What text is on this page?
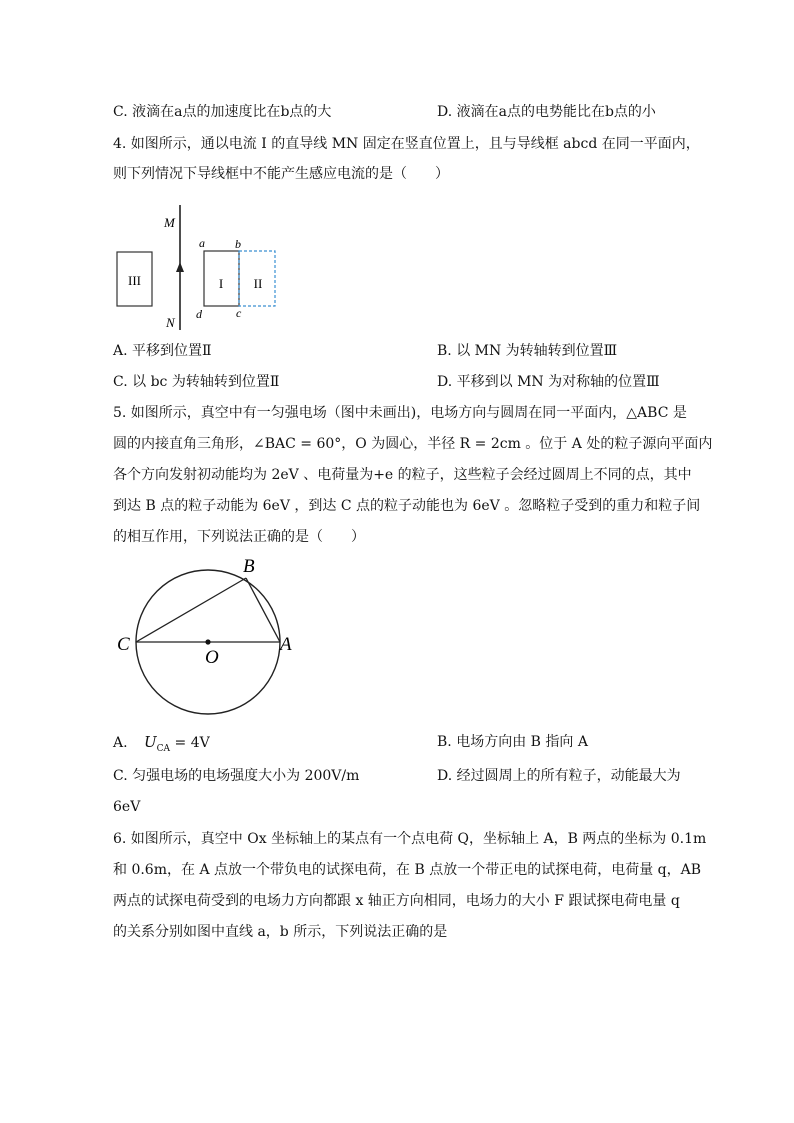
C. 液滴在a点的加速度比在b点的大	D. 液滴在a点的电势能比在b点的小
4. 如图所示，通以电流 I 的直导线 MN 固定在竖直位置上，且与导线框 abcd 在同一平面内，
则下列情况下导线框中不能产生感应电流的是（　　）
III
M
N
I
a	b
c
d
II
A. 平移到位置Ⅱ	B. 以 MN 为转轴转到位置Ⅲ
C. 以 bc 为转轴转到位置Ⅱ	D. 平移到以 MN 为对称轴的位置Ⅲ
5. 如图所示，真空中有一匀强电场（图中未画出)，电场方向与圆周在同一平面内，△ABC 是
圆的内接直角三角形，∠BAC = 60°，O 为圆心，半径 R = 2cm 。位于 A 处的粒子源向平面内
各个方向发射初动能均为 2eV 、电荷量为+e 的粒子，这些粒子会经过圆周上不同的点，其中
到达 B 点的粒子动能为 6eV ，到达 C 点的粒子动能也为 6eV 。忽略粒子受到的重力和粒子间
的相互作用，下列说法正确的是（　　）
B
C	A
O
A. $U_{CA} = 4V$	B. 电场方向由 B 指向 A
C. 匀强电场的电场强度大小为 200V/m	D. 经过圆周上的所有粒子，动能最大为
6eV
6. 如图所示，真空中 Ox 坐标轴上的某点有一个点电荷 Q，坐标轴上 A，B 两点的坐标为 0.1m
和 0.6m，在 A 点放一个带负电的试探电荷，在 B 点放一个带正电的试探电荷，电荷量 q，AB
两点的试探电荷受到的电场力方向都跟 x 轴正方向相同，电场力的大小 F 跟试探电荷电量 q
的关系分别如图中直线 a，b 所示，下列说法正确的是
